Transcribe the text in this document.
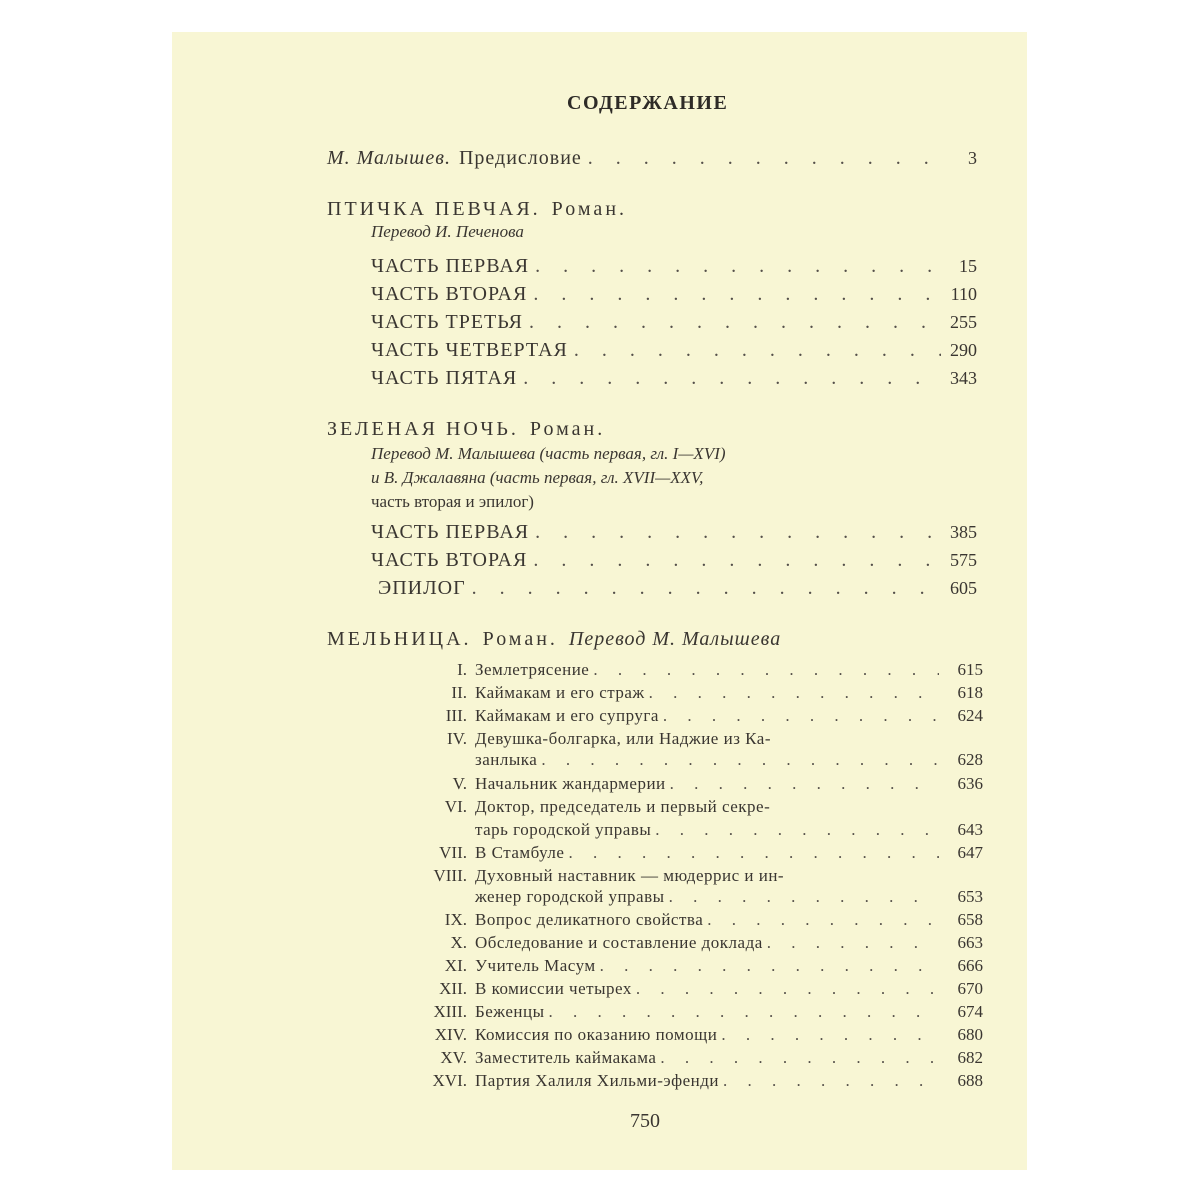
СОДЕРЖАНИЕ
М. Малышев. Предисловие . . .	3
ПТИЧКА ПЕВЧАЯ. Роман.
Перевод И. Печенова
ЧАСТЬ ПЕРВАЯ . . .	15
ЧАСТЬ ВТОРАЯ . . .	110
ЧАСТЬ ТРЕТЬЯ . . .	255
ЧАСТЬ ЧЕТВЕРТАЯ . . .	290
ЧАСТЬ ПЯТАЯ . . .	343
ЗЕЛЕНАЯ НОЧЬ. Роман.
Перевод М. Малышева (часть первая, гл. I—XVI)
и В. Джалавяна (часть первая, гл. XVII—XXV,
часть вторая и эпилог)
ЧАСТЬ ПЕРВАЯ . . .	385
ЧАСТЬ ВТОРАЯ . . .	575
ЭПИЛОГ . . .	605
МЕЛЬНИЦА. Роман. Перевод М. Малышева
I. Землетрясение . . .	615
II. Каймакам и его страж . . .	618
III. Каймакам и его супруга . . .	624
IV. Девушка-болгарка, или Наджие из Ка-
занлыка . . .	628
V. Начальник жандармерии . . .	636
VI. Доктор, председатель и первый секре-
тарь городской управы . . .	643
VII. В Стамбуле . . .	647
VIII. Духовный наставник — мюдеррис и ин-
женер городской управы . . .	653
IX. Вопрос деликатного свойства . . .	658
X. Обследование и составление доклада . . .	663
XI. Учитель Масум . . .	666
XII. В комиссии четырех . . .	670
XIII. Беженцы . . .	674
XIV. Комиссия по оказанию помощи . . .	680
XV. Заместитель каймакама . . .	682
XVI. Партия Халиля Хильми-эфенди . . .	688
750
